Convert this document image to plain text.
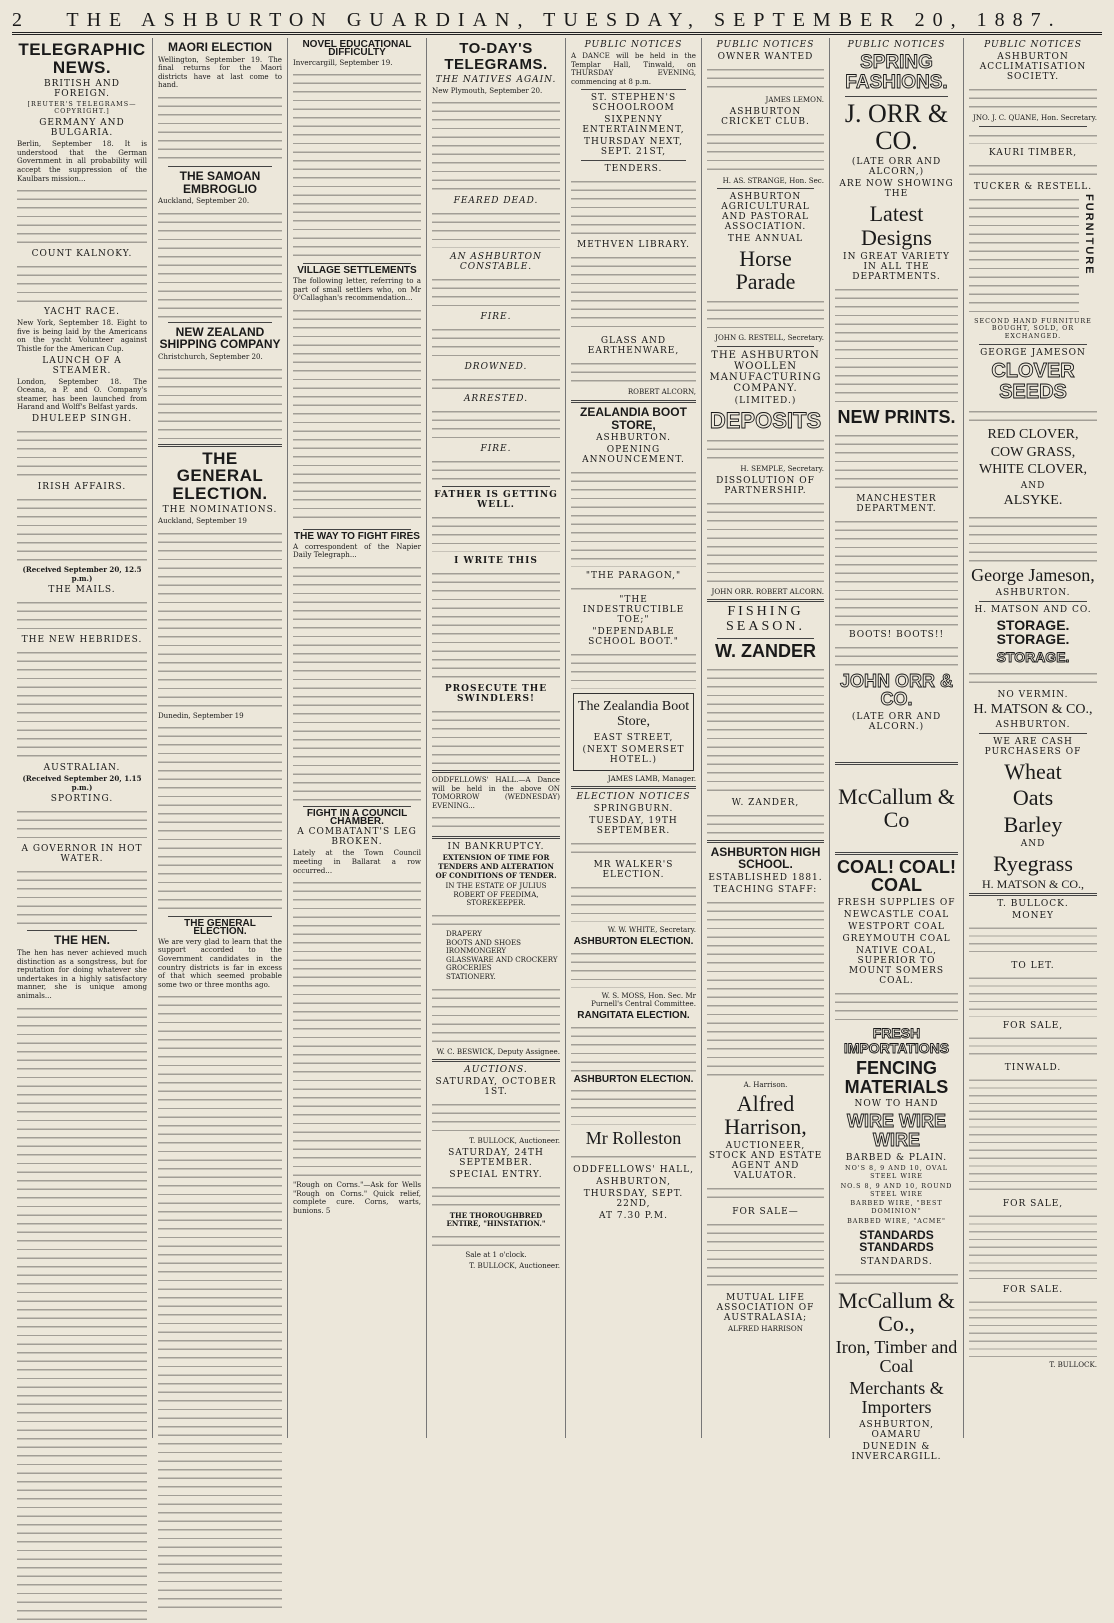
2	THE ASHBURTON GUARDIAN, TUESDAY, SEPTEMBER 20, 1887.
TELEGRAPHIC NEWS.
BRITISH AND FOREIGN.
[REUTER'S TELEGRAMS—COPYRIGHT.]
GERMANY AND BULGARIA.

Berlin, September 18. It is understood that the German Government in all probability will accept the suppression of the Kaulbars mission...

COUNT KALNOKY.
YACHT RACE.

New York, September 18. Eight to five is being laid by the Americans on the yacht Volunteer against Thistle for the American Cup.

LAUNCH OF A STEAMER.

London, September 18. The Oceana, a P. and O. Company's steamer, has been launched from Harand and Wolff's Belfast yards.

DHULEEP SINGH.
IRISH AFFAIRS.

(Received September 20, 12.5 p.m.)

THE MAILS.
THE NEW HEBRIDES.
AUSTRALIAN.

(Received September 20, 1.15 p.m.)

SPORTING.
A GOVERNOR IN HOT WATER.
THE HEN.

The hen has never achieved much distinction as a songstress, but for reputation for doing whatever she undertakes in a highly satisfactory manner, she is unique among animals...

MAORI ELECTION

Wellington, September 19. The final returns for the Maori districts have at last come to hand.

THE SAMOAN EMBROGLIO

Auckland, September 20.

NEW ZEALAND SHIPPING COMPANY

Christchurch, September 20.

THE GENERAL ELECTION.
THE NOMINATIONS.

Auckland, September 19

Dunedin, September 19

THE GENERAL ELECTION.

We are very glad to learn that the support accorded to the Government candidates in the country districts is far in excess of that which seemed probable some two or three months ago.

NOVEL EDUCATIONAL DIFFICULTY

Invercargill, September 19.

VILLAGE SETTLEMENTS

The following letter, referring to a part of small settlers who, on Mr O'Callaghan's recommendation...

THE WAY TO FIGHT FIRES

A correspondent of the Napier Daily Telegraph...

FIGHT IN A COUNCIL CHAMBER.
A COMBATANT'S LEG BROKEN.

Lately at the Town Council meeting in Ballarat a row occurred...

"Rough on Corns."—Ask for Wells "Rough on Corns." Quick relief, complete cure. Corns, warts, bunions. 5

TO-DAY'S TELEGRAMS.
THE NATIVES AGAIN.

New Plymouth, September 20.

FEARED DEAD.
AN ASHBURTON CONSTABLE.
FIRE.
DROWNED.
ARRESTED.
FIRE.
FATHER IS GETTING WELL.
I WRITE THIS
PROSECUTE THE SWINDLERS!

ODDFELLOWS' HALL.—A Dance will be held in the above ON TOMORROW (WEDNESDAY) EVENING...

IN BANKRUPTCY.

EXTENSION OF TIME FOR TENDERS AND ALTERATION OF CONDITIONS OF TENDER.

IN THE ESTATE OF JULIUS ROBERT OF FEEDIMA, STOREKEEPER.

DRAPERY
BOOTS AND SHOES
IRONMONGERY
GLASSWARE AND CROCKERY
GROCERIES
STATIONERY.

W. C. BESWICK, Deputy Assignee.

AUCTIONS.
SATURDAY, OCTOBER 1ST.

T. BULLOCK, Auctioneer.

SATURDAY, 24TH SEPTEMBER.
SPECIAL ENTRY.

THE THOROUGHBRED ENTIRE, "HINSTATION."

Sale at 1 o'clock.

T. BULLOCK, Auctioneer.

PUBLIC NOTICES

A DANCE will be held in the Templar Hall, Tinwald, on THURSDAY EVENING, commencing at 8 p.m.

ST. STEPHEN'S SCHOOLROOM
SIXPENNY ENTERTAINMENT,
THURSDAY NEXT, SEPT. 21ST,
TENDERS.
METHVEN LIBRARY.
GLASS AND EARTHENWARE,

ROBERT ALCORN,

ZEALANDIA BOOT STORE,
ASHBURTON.
OPENING ANNOUNCEMENT.
"THE PARAGON,"
"THE INDESTRUCTIBLE TOE;"
"DEPENDABLE SCHOOL BOOT."
The Zealandia Boot Store,
EAST STREET,
(NEXT SOMERSET HOTEL.)

JAMES LAMB, Manager.

ELECTION NOTICES
SPRINGBURN.
TUESDAY, 19TH SEPTEMBER.
MR WALKER'S ELECTION.

W. W. WHITE, Secretary.

ASHBURTON ELECTION.

W. S. MOSS, Hon. Sec. Mr Purnell's Central Committee.

RANGITATA ELECTION.
ASHBURTON ELECTION.
Mr Rolleston
ODDFELLOWS' HALL,
ASHBURTON,
THURSDAY, SEPT. 22ND,
AT 7.30 P.M.
PUBLIC NOTICES
OWNER WANTED

JAMES LEMON.

ASHBURTON CRICKET CLUB.

H. AS. STRANGE, Hon. Sec.

ASHBURTON AGRICULTURAL AND PASTORAL ASSOCIATION.
THE ANNUAL
Horse Parade

JOHN G. RESTELL, Secretary.

THE ASHBURTON WOOLLEN MANUFACTURING COMPANY.
(LIMITED.)
DEPOSITS

H. SEMPLE, Secretary.

DISSOLUTION OF PARTNERSHIP.

JOHN ORR. ROBERT ALCORN.

FISHING SEASON.
W. ZANDER
W. ZANDER,
ASHBURTON HIGH SCHOOL.
ESTABLISHED 1881.
TEACHING STAFF:

A. Harrison.

Alfred Harrison,
AUCTIONEER, STOCK AND ESTATE AGENT AND VALUATOR.
FOR SALE—
MUTUAL LIFE ASSOCIATION OF AUSTRALASIA;

ALFRED HARRISON

PUBLIC NOTICES
SPRING FASHIONS.
J. ORR & CO.
(LATE ORR AND ALCORN,)
ARE NOW SHOWING THE
Latest Designs
IN GREAT VARIETY IN ALL THE DEPARTMENTS.
NEW PRINTS.
MANCHESTER DEPARTMENT.
BOOTS! BOOTS!!
JOHN ORR & CO.
(LATE ORR AND ALCORN.)
McCallum & Co
COAL! COAL! COAL
FRESH SUPPLIES OF
NEWCASTLE COAL
WESTPORT COAL
GREYMOUTH COAL
NATIVE COAL, SUPERIOR TO MOUNT SOMERS COAL.
FRESH IMPORTATIONS
FENCING MATERIALS
NOW TO HAND
WIRE WIRE WIRE
BARBED & PLAIN.
NO'S 8, 9 AND 10, OVAL STEEL WIRE
NO.S 8, 9 AND 10, ROUND STEEL WIRE
BARBED WIRE, "BEST DOMINION"
BARBED WIRE, "ACME"
STANDARDS STANDARDS
STANDARDS.
McCallum & Co.,
Iron, Timber and Coal
Merchants & Importers
ASHBURTON, OAMARU
DUNEDIN & INVERCARGILL.
PUBLIC NOTICES
ASHBURTON ACCLIMATISATION SOCIETY.

JNO. J. C. QUANE, Hon. Secretary.

KAURI TIMBER,
TUCKER & RESTELL.
FURNITURE
SECOND HAND FURNITURE BOUGHT, SOLD, OR EXCHANGED.
GEORGE JAMESON
CLOVER SEEDS
RED CLOVER,
COW GRASS,
WHITE CLOVER,
AND
ALSYKE.
George Jameson,
ASHBURTON.
H. MATSON AND CO.
STORAGE. STORAGE.
STORAGE.
NO VERMIN.
H. MATSON & CO.,
ASHBURTON.
WE ARE CASH PURCHASERS OF
Wheat
Oats
Barley
AND
Ryegrass
H. MATSON & CO.,
T. BULLOCK.
MONEY
TO LET.
FOR SALE,
TINWALD.
FOR SALE,
FOR SALE.

T. BULLOCK.
